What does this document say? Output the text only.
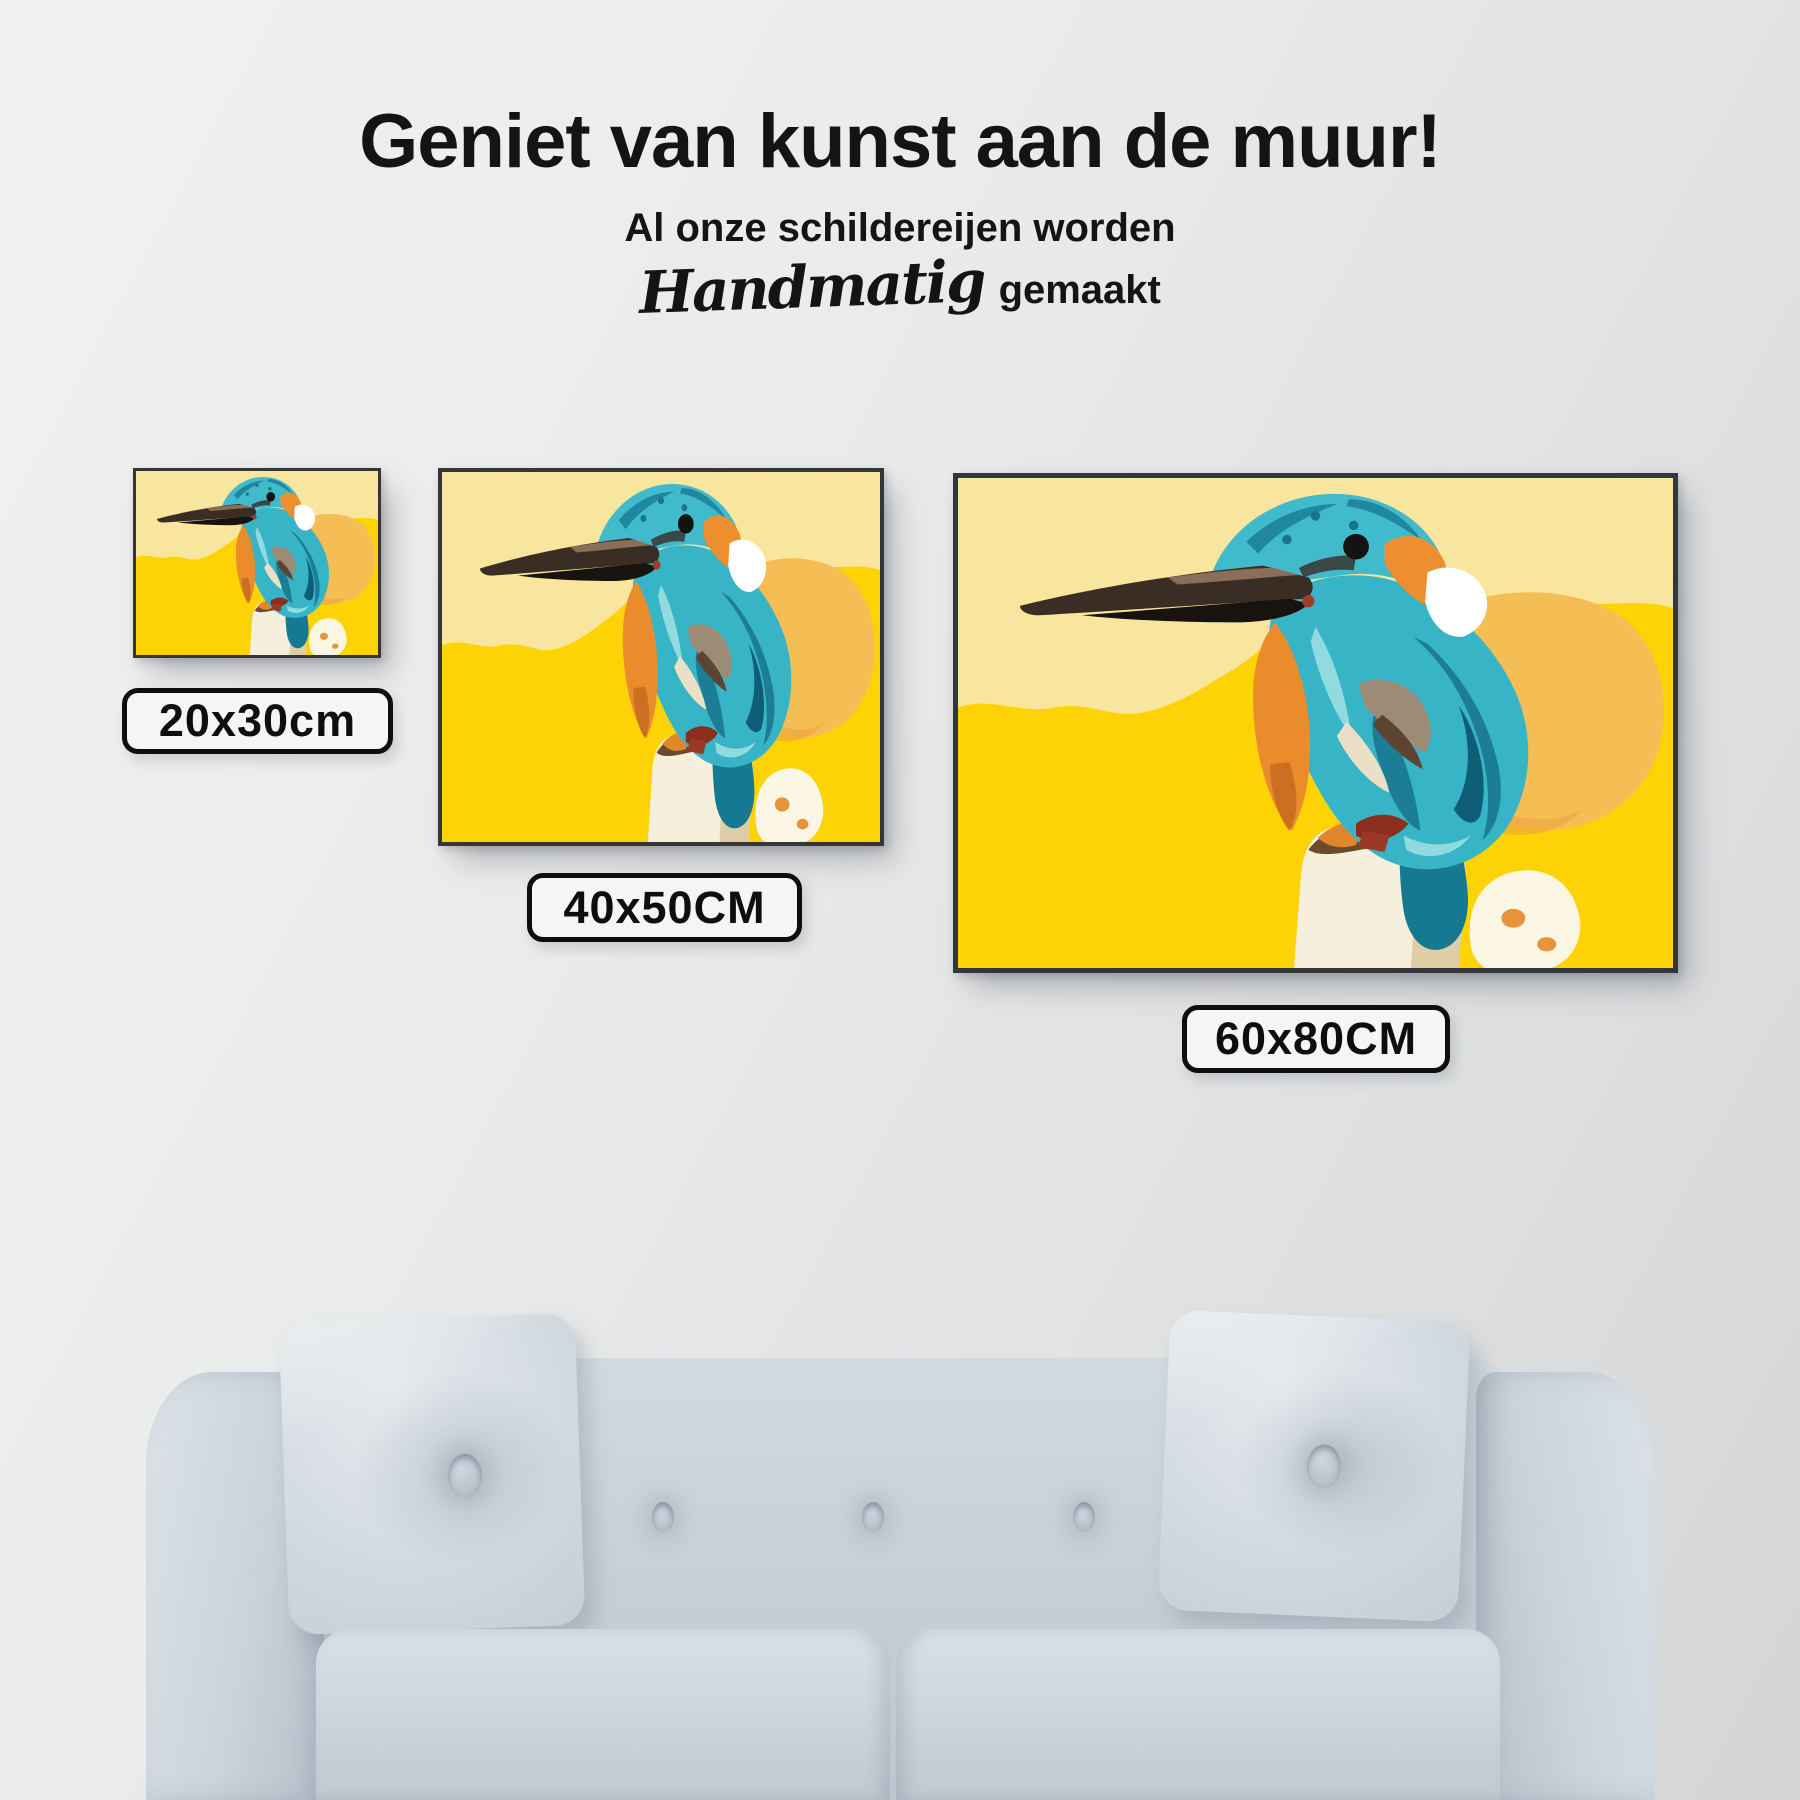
Geniet van kunst aan de muur!
Al onze schildereijen worden
Handmatig gemaakt
20x30cm
40x50CM
60x80CM
